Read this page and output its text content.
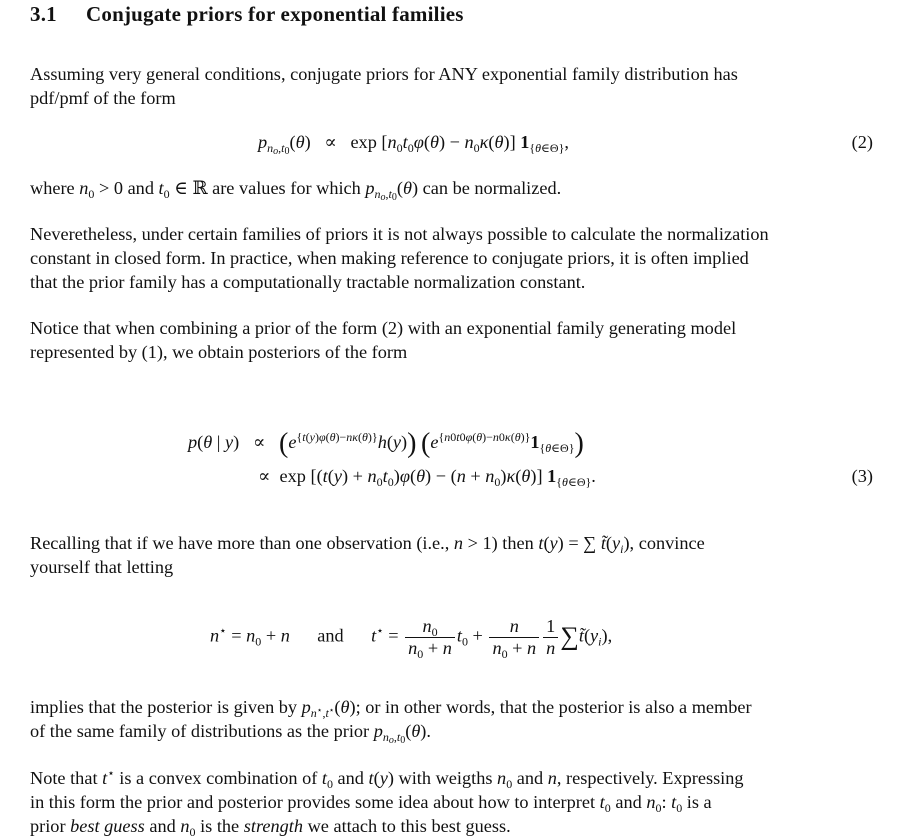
3.1 Conjugate priors for exponential families
Assuming very general conditions, conjugate priors for ANY exponential family distribution has
pdf/pmf of the form
$p_{no,t0}(\theta) \propto \exp [n_0t_0\varphi(\theta) - n_0\kappa(\theta)]$ $1_{\{\theta\in\Theta\}}$,	(2)
where $n_0 > 0$ and $t_0$ ∈ ℝ are values for which $p_{no,t0}(\theta)$ can be normalized.
Neveretheless, under certain families of priors it is not always possible to calculate the normalization
constant in closed form. In practice, when making reference to conjugate priors, it is often implied
that the prior family has a computationally tractable normalization constant.
Notice that when combining a prior of the form (2) with an exponential family generating model
represented by (1), we obtain posteriors of the form
p(θ | $y) \propto (e^{\{t(y)\varphi(\theta)-n\kappa(\theta)\}}h(y))$ $(e^{\{n0t0\varphi(\theta)-n0\kappa(\theta)\}}1_{\{\theta\in\Theta\}})$
∝  $\exp [(t(y) + n_0t_0)\varphi(\theta) - (n + n_0)\kappa(\theta)]$ $1_{\{\theta\in\Theta\}}$.	(3)
Recalling that if we have more than one observation (i.e., n > 1) then t(y) = ∑ $t̃(y_i)$, convince
yourself that letting
$n^⋆ = n_0 + n$ and $t^⋆ = \frac{n_0}{n_0 + n} t_0 + \frac{n}{n_0 + n} \frac{1}{n}$ $\sum t̃(y_i)$,
implies that the posterior is given by $p_{n^⋆,t^⋆}(\theta)$; or in other words, that the posterior is also a member
of the same family of distributions as the prior $p_{no,t0}(\theta)$.
Note that t⋆ is a convex combination of $t_0$ and t(y) with weigths $n_0$ and n, respectively. Expressing
in this form the prior and posterior provides some idea about how to interpret $t_0$ and $n_0$: $t_0$ is a
prior best guess and $n_0$ is the strength we attach to this best guess.
